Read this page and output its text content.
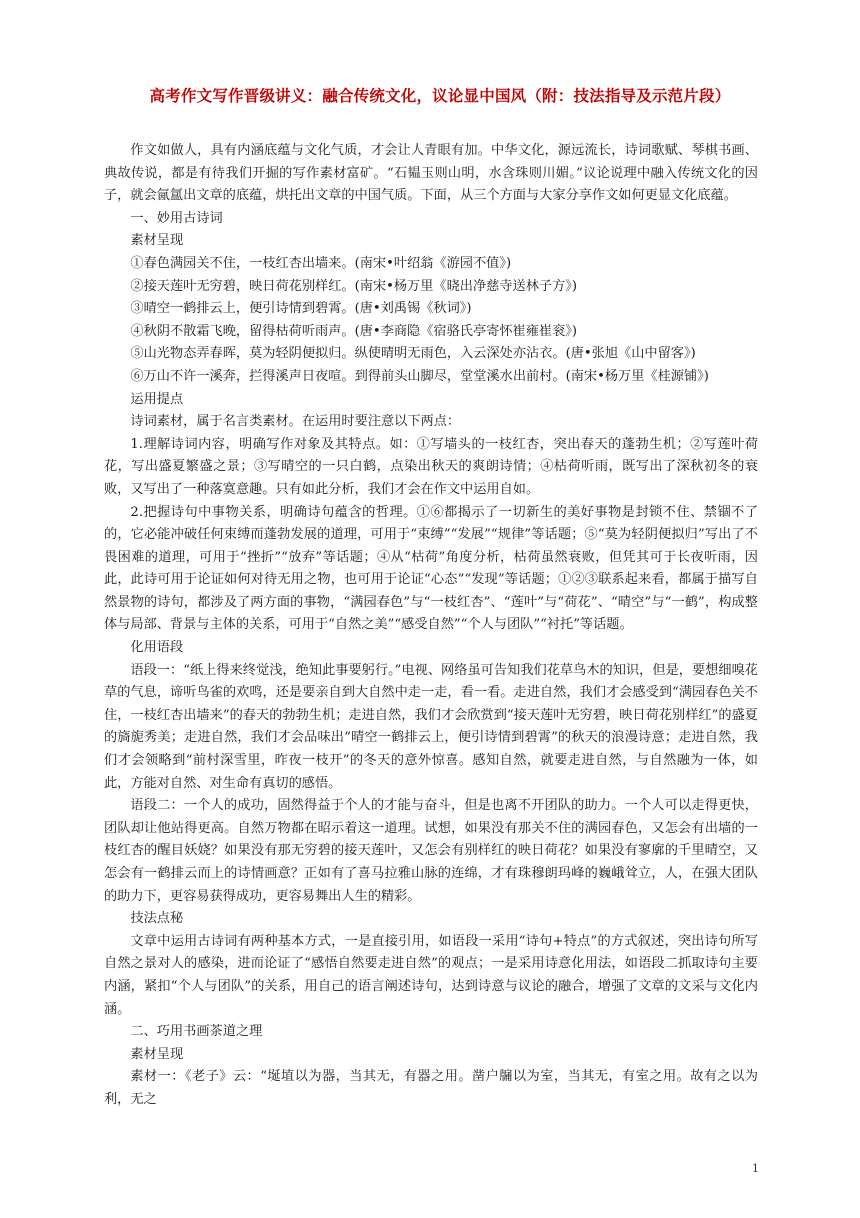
高考作文写作晋级讲义：融合传统文化，议论显中国风（附：技法指导及示范片段）

作文如做人，具有内涵底蕴与文化气质，才会让人青眼有加。中华文化，源远流长，诗词歌赋、琴棋书画、典故传说，都是有待我们开掘的写作素材富矿。“石韫玉则山明，水含珠则川媚。”议论说理中融入传统文化的因子，就会氤氲出文章的底蕴，烘托出文章的中国气质。下面，从三个方面与大家分享作文如何更显文化底蕴。

一、妙用古诗词

素材呈现

①春色满园关不住，一枝红杏出墙来。(南宋•叶绍翁《游园不值》)

②接天莲叶无穷碧，映日荷花别样红。(南宋•杨万里《晓出净慈寺送林子方》)

③晴空一鹤排云上，便引诗情到碧霄。(唐•刘禹锡《秋词》)

④秋阴不散霜飞晚，留得枯荷听雨声。(唐•李商隐《宿骆氏亭寄怀崔雍崔衮》)

⑤山光物态弄春晖，莫为轻阴便拟归。纵使晴明无雨色，入云深处亦沾衣。(唐•张旭《山中留客》)

⑥万山不许一溪奔，拦得溪声日夜喧。到得前头山脚尽，堂堂溪水出前村。(南宋•杨万里《桂源铺》)

运用提点

诗词素材，属于名言类素材。在运用时要注意以下两点：

1.理解诗词内容，明确写作对象及其特点。如：①写墙头的一枝红杏，突出春天的蓬勃生机；②写莲叶荷花，写出盛夏繁盛之景；③写晴空的一只白鹤，点染出秋天的爽朗诗情；④枯荷听雨，既写出了深秋初冬的衰败，又写出了一种落寞意趣。只有如此分析，我们才会在作文中运用自如。

2.把握诗句中事物关系，明确诗句蕴含的哲理。①⑥都揭示了一切新生的美好事物是封锁不住、禁锢不了的，它必能冲破任何束缚而蓬勃发展的道理，可用于“束缚”“发展”“规律”等话题；⑤“莫为轻阴便拟归”写出了不畏困难的道理，可用于“挫折”“放弃”等话题；④从“枯荷”角度分析，枯荷虽然衰败，但凭其可于长夜听雨，因此，此诗可用于论证如何对待无用之物，也可用于论证“心态”“发现”等话题；①②③联系起来看，都属于描写自然景物的诗句，都涉及了两方面的事物，“满园春色”与“一枝红杏”、“莲叶”与“荷花”、“晴空”与“一鹤”，构成整体与局部、背景与主体的关系，可用于“自然之美”“感受自然”“个人与团队”“衬托”等话题。

化用语段

语段一：“纸上得来终觉浅，绝知此事要躬行。”电视、网络虽可告知我们花草鸟木的知识，但是，要想细嗅花草的气息，谛听鸟雀的欢鸣，还是要亲自到大自然中走一走，看一看。走进自然，我们才会感受到“满园春色关不住，一枝红杏出墙来”的春天的勃勃生机；走进自然，我们才会欣赏到“接天莲叶无穷碧，映日荷花别样红”的盛夏的旖旎秀美；走进自然，我们才会品味出“晴空一鹤排云上，便引诗情到碧霄”的秋天的浪漫诗意；走进自然，我们才会领略到“前村深雪里，昨夜一枝开”的冬天的意外惊喜。感知自然，就要走进自然，与自然融为一体，如此，方能对自然、对生命有真切的感悟。

语段二：一个人的成功，固然得益于个人的才能与奋斗，但是也离不开团队的助力。一个人可以走得更快，团队却让他站得更高。自然万物都在昭示着这一道理。试想，如果没有那关不住的满园春色，又怎会有出墙的一枝红杏的醒目妖娆？如果没有那无穷碧的接天莲叶，又怎会有别样红的映日荷花？如果没有寥廓的千里晴空，又怎会有一鹤排云而上的诗情画意？正如有了喜马拉雅山脉的连绵，才有珠穆朗玛峰的巍峨耸立，人，在强大团队的助力下，更容易获得成功，更容易舞出人生的精彩。

技法点秘

文章中运用古诗词有两种基本方式，一是直接引用，如语段一采用“诗句+特点”的方式叙述，突出诗句所写自然之景对人的感染，进而论证了“感悟自然要走进自然”的观点；一是采用诗意化用法，如语段二抓取诗句主要内涵，紧扣“个人与团队”的关系，用自己的语言阐述诗句，达到诗意与议论的融合，增强了文章的文采与文化内涵。

二、巧用书画茶道之理

素材呈现

素材一：《老子》云：“埏埴以为器，当其无，有器之用。凿户牖以为室，当其无，有室之用。故有之以为利，无之

1
